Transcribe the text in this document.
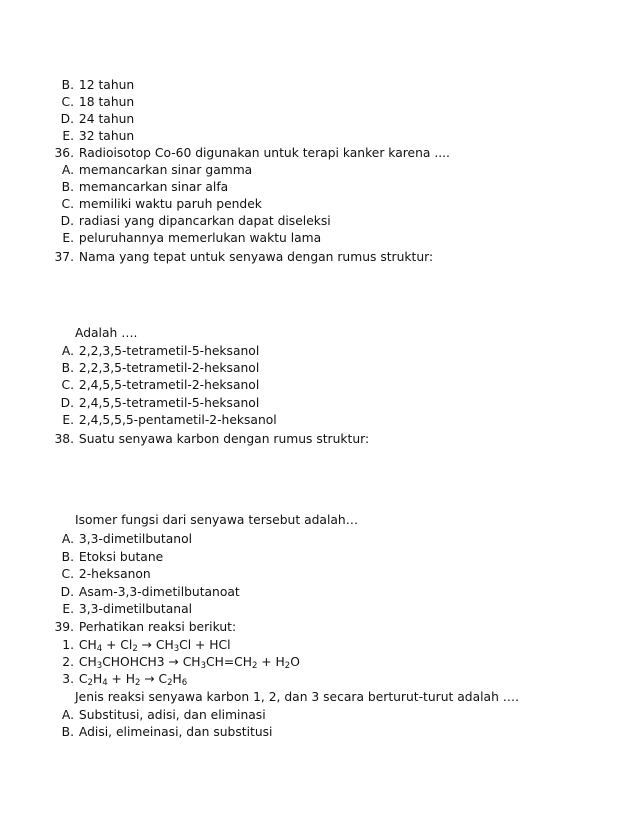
B. 12 tahun
C. 18 tahun
D. 24 tahun
E. 32 tahun
36. Radioisotop Co-60 digunakan untuk terapi kanker karena ....
A. memancarkan sinar gamma
B. memancarkan sinar alfa
C. memiliki waktu paruh pendek
D. radiasi yang dipancarkan dapat diseleksi
E. peluruhannya memerlukan waktu lama
37. Nama yang tepat untuk senyawa dengan rumus struktur:
Adalah ….
A. 2,2,3,5-tetrametil-5-heksanol
B. 2,2,3,5-tetrametil-2-heksanol
C. 2,4,5,5-tetrametil-2-heksanol
D. 2,4,5,5-tetrametil-5-heksanol
E. 2,4,5,5,5-pentametil-2-heksanol
38. Suatu senyawa karbon dengan rumus struktur:
Isomer fungsi dari senyawa tersebut adalah…
A. 3,3-dimetilbutanol
B. Etoksi butane
C. 2-heksanon
D. Asam-3,3-dimetilbutanoat
E. 3,3-dimetilbutanal
39. Perhatikan reaksi berikut:
1. $CH_4 + Cl_2 \to CH_3Cl$ + HCl
2. $CH_3CHOHCH3 \to CH_3CH=CH_2 + H_2O$
3. $C_2H_4 + H_2 \to C_2H_6$
Jenis reaksi senyawa karbon 1, 2, dan 3 secara berturut-turut adalah ….
A. Substitusi, adisi, dan eliminasi
B. Adisi, elimeinasi, dan substitusi
